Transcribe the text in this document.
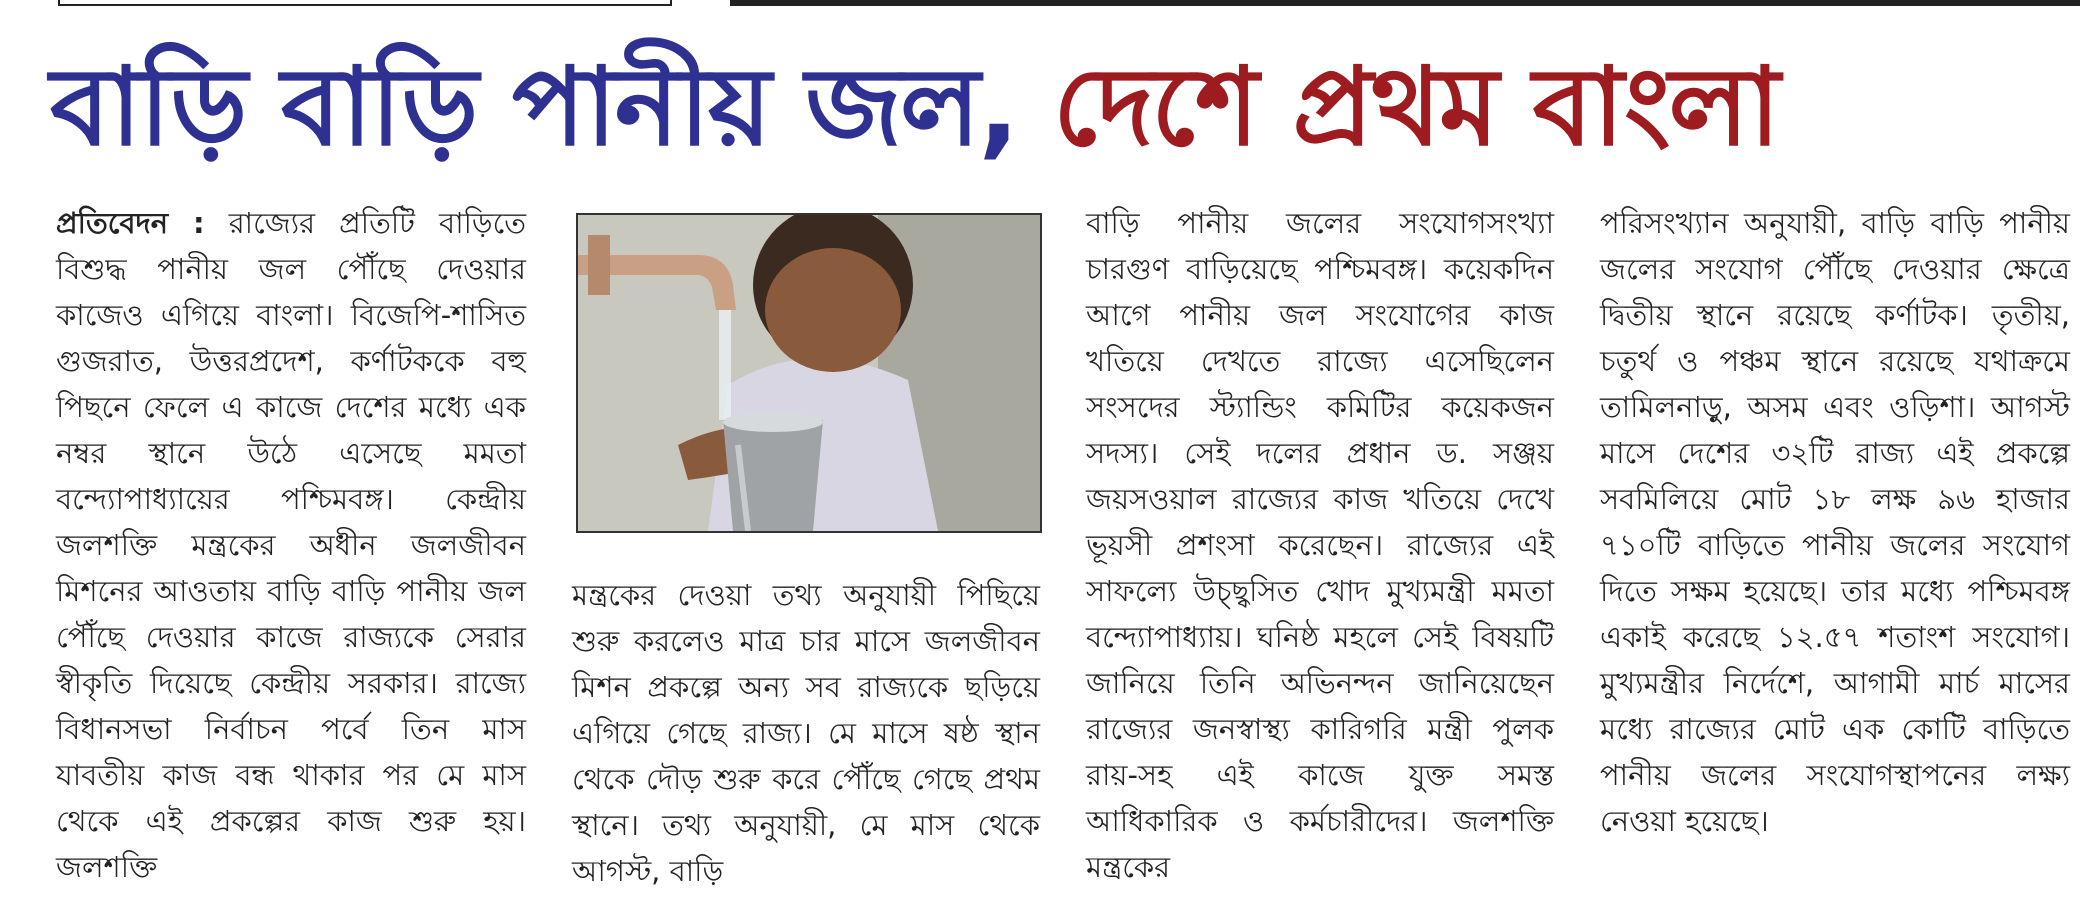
বাড়ি বাড়ি পানীয় জল, দেশে প্রথম বাংলা

প্রতিবেদন : রাজ্যের প্রতিটি বাড়িতে বিশুদ্ধ পানীয় জল পৌঁছে দেওয়ার কাজেও এগিয়ে বাংলা। বিজেপি-শাসিত গুজরাত, উত্তরপ্রদেশ, কর্ণাটককে বহু পিছনে ফেলে এ কাজে দেশের মধ্যে এক নম্বর স্থানে উঠে এসেছে মমতা বন্দ্যোপাধ্যায়ের পশ্চিমবঙ্গ। কেন্দ্রীয় জলশক্তি মন্ত্রকের অধীন জলজীবন মিশনের আওতায় বাড়ি বাড়ি পানীয় জল পৌঁছে দেওয়ার কাজে রাজ্যকে সেরার স্বীকৃতি দিয়েছে কেন্দ্রীয় সরকার। রাজ্যে বিধানসভা নির্বাচন পর্বে তিন মাস যাবতীয় কাজ বন্ধ থাকার পর মে মাস থেকে এই প্রকল্পের কাজ শুরু হয়। জলশক্তি

মন্ত্রকের দেওয়া তথ্য অনুযায়ী পিছিয়ে শুরু করলেও মাত্র চার মাসে জলজীবন মিশন প্রকল্পে অন্য সব রাজ্যকে ছড়িয়ে এগিয়ে গেছে রাজ্য। মে মাসে ষষ্ঠ স্থান থেকে দৌড় শুরু করে পৌঁছে গেছে প্রথম স্থানে। তথ্য অনুযায়ী, মে মাস থেকে আগস্ট, বাড়ি

বাড়ি পানীয় জলের সংযোগসংখ্যা চারগুণ বাড়িয়েছে পশ্চিমবঙ্গ। কয়েকদিন আগে পানীয় জল সংযোগের কাজ খতিয়ে দেখতে রাজ্যে এসেছিলেন সংসদের স্ট্যান্ডিং কমিটির কয়েকজন সদস্য। সেই দলের প্রধান ড. সঞ্জয় জয়সওয়াল রাজ্যের কাজ খতিয়ে দেখে ভূয়সী প্রশংসা করেছেন। রাজ্যের এই সাফল্যে উচ্ছ্বসিত খোদ মুখ্যমন্ত্রী মমতা বন্দ্যোপাধ্যায়। ঘনিষ্ঠ মহলে সেই বিষয়টি জানিয়ে তিনি অভিনন্দন জানিয়েছেন রাজ্যের জনস্বাস্থ্য কারিগরি মন্ত্রী পুলক রায়-সহ এই কাজে যুক্ত সমস্ত আধিকারিক ও কর্মচারীদের। জলশক্তি মন্ত্রকের

পরিসংখ্যান অনুযায়ী, বাড়ি বাড়ি পানীয় জলের সংযোগ পৌঁছে দেওয়ার ক্ষেত্রে দ্বিতীয় স্থানে রয়েছে কর্ণাটক। তৃতীয়, চতুর্থ ও পঞ্চম স্থানে রয়েছে যথাক্রমে তামিলনাড়ু, অসম এবং ওড়িশা। আগস্ট মাসে দেশের ৩২টি রাজ্য এই প্রকল্পে সবমিলিয়ে মোট ১৮ লক্ষ ৯৬ হাজার ৭১০টি বাড়িতে পানীয় জলের সংযোগ দিতে সক্ষম হয়েছে। তার মধ্যে পশ্চিমবঙ্গ একাই করেছে ১২.৫৭ শতাংশ সংযোগ। মুখ্যমন্ত্রীর নির্দেশে, আগামী মার্চ মাসের মধ্যে রাজ্যের মোট এক কোটি বাড়িতে পানীয় জলের সংযোগস্থাপনের লক্ষ্য নেওয়া হয়েছে।
